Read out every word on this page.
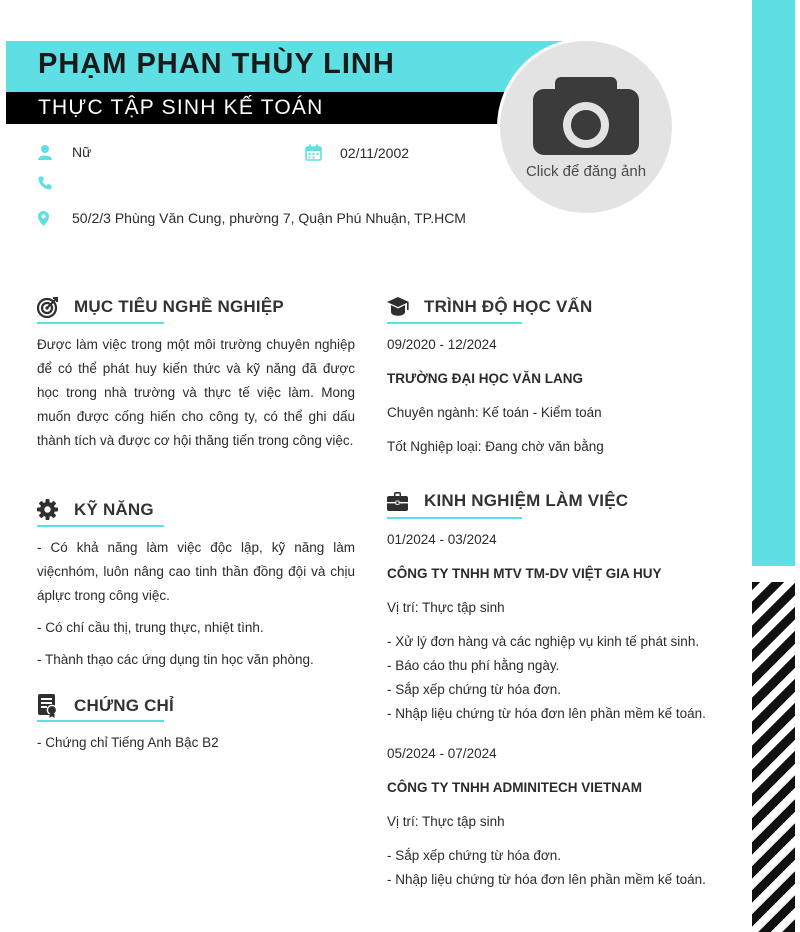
PHẠM PHAN THÙY LINH
THỰC TẬP SINH KẾ TOÁN
Click để đăng ảnh
Nữ	02/11/2002
50/2/3 Phùng Văn Cung, phường 7, Quận Phú Nhuận, TP.HCM
MỤC TIÊU NGHỀ NGHIỆP
Được làm việc trong một môi trường chuyên nghiệp để có thể phát huy kiến thức và kỹ năng đã được học trong nhà trường và thực tế việc làm. Mong muốn được cống hiến cho công ty, có thể ghi dấu thành tích và được cơ hội thăng tiến trong công việc.
KỸ NĂNG
- Có khả năng làm việc độc lập, kỹ năng làm việcnhóm, luôn nâng cao tinh thần đồng đội và chịu áplực trong công việc.
- Có chí cầu thị, trung thực, nhiệt tình.
- Thành thạo các ứng dụng tin học văn phòng.
CHỨNG CHỈ
- Chứng chỉ Tiếng Anh Bậc B2
TRÌNH ĐỘ HỌC VẤN
09/2020 - 12/2024
TRƯỜNG ĐẠI HỌC VĂN LANG
Chuyên ngành: Kế toán - Kiểm toán
Tốt Nghiệp loại: Đang chờ văn bằng
KINH NGHIỆM LÀM VIỆC
01/2024 - 03/2024
CÔNG TY TNHH MTV TM-DV VIỆT GIA HUY
Vị trí: Thực tập sinh
- Xử lý đơn hàng và các nghiệp vụ kinh tế phát sinh.
- Báo cáo thu phí hằng ngày.
- Sắp xếp chứng từ hóa đơn.
- Nhập liệu chứng từ hóa đơn lên phần mềm kế toán.
05/2024 - 07/2024
CÔNG TY TNHH ADMINITECH VIETNAM
Vị trí: Thực tập sinh
- Sắp xếp chứng từ hóa đơn.
- Nhập liệu chứng từ hóa đơn lên phần mềm kế toán.
